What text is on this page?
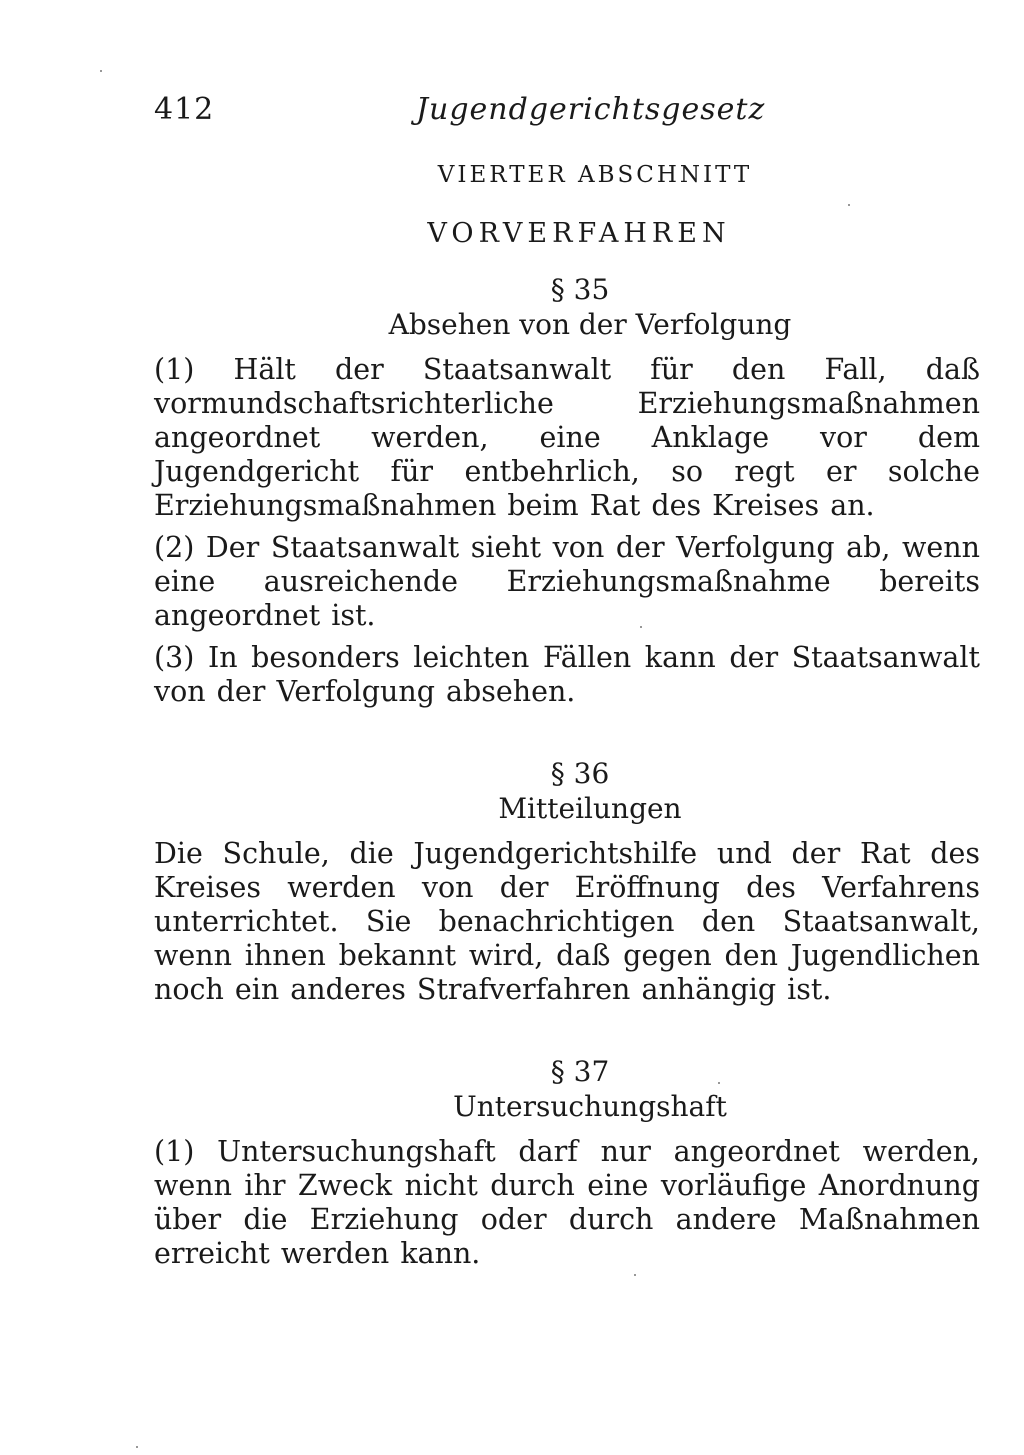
412	Jugendgerichtsgesetz
VIERTER ABSCHNITT
VORVERFAHREN
§ 35
Absehen von der Verfolgung

(1) Hält der Staatsanwalt für den Fall, daß vormundschaftsrichterliche Erziehungsmaßnahmen angeordnet werden, eine Anklage vor dem Jugendgericht für entbehrlich, so regt er solche Erziehungsmaßnahmen beim Rat des Kreises an.

(2) Der Staatsanwalt sieht von der Verfolgung ab, wenn eine ausreichende Erziehungsmaßnahme bereits angeordnet ist.

(3) In besonders leichten Fällen kann der Staatsanwalt von der Verfolgung absehen.

§ 36
Mitteilungen

Die Schule, die Jugendgerichtshilfe und der Rat des Kreises werden von der Eröffnung des Verfahrens unterrichtet. Sie benachrichtigen den Staatsanwalt, wenn ihnen bekannt wird, daß gegen den Jugendlichen noch ein anderes Strafverfahren anhängig ist.

§ 37
Untersuchungshaft

(1) Untersuchungshaft darf nur angeordnet werden, wenn ihr Zweck nicht durch eine vorläufige Anordnung über die Erziehung oder durch andere Maßnahmen erreicht werden kann.
